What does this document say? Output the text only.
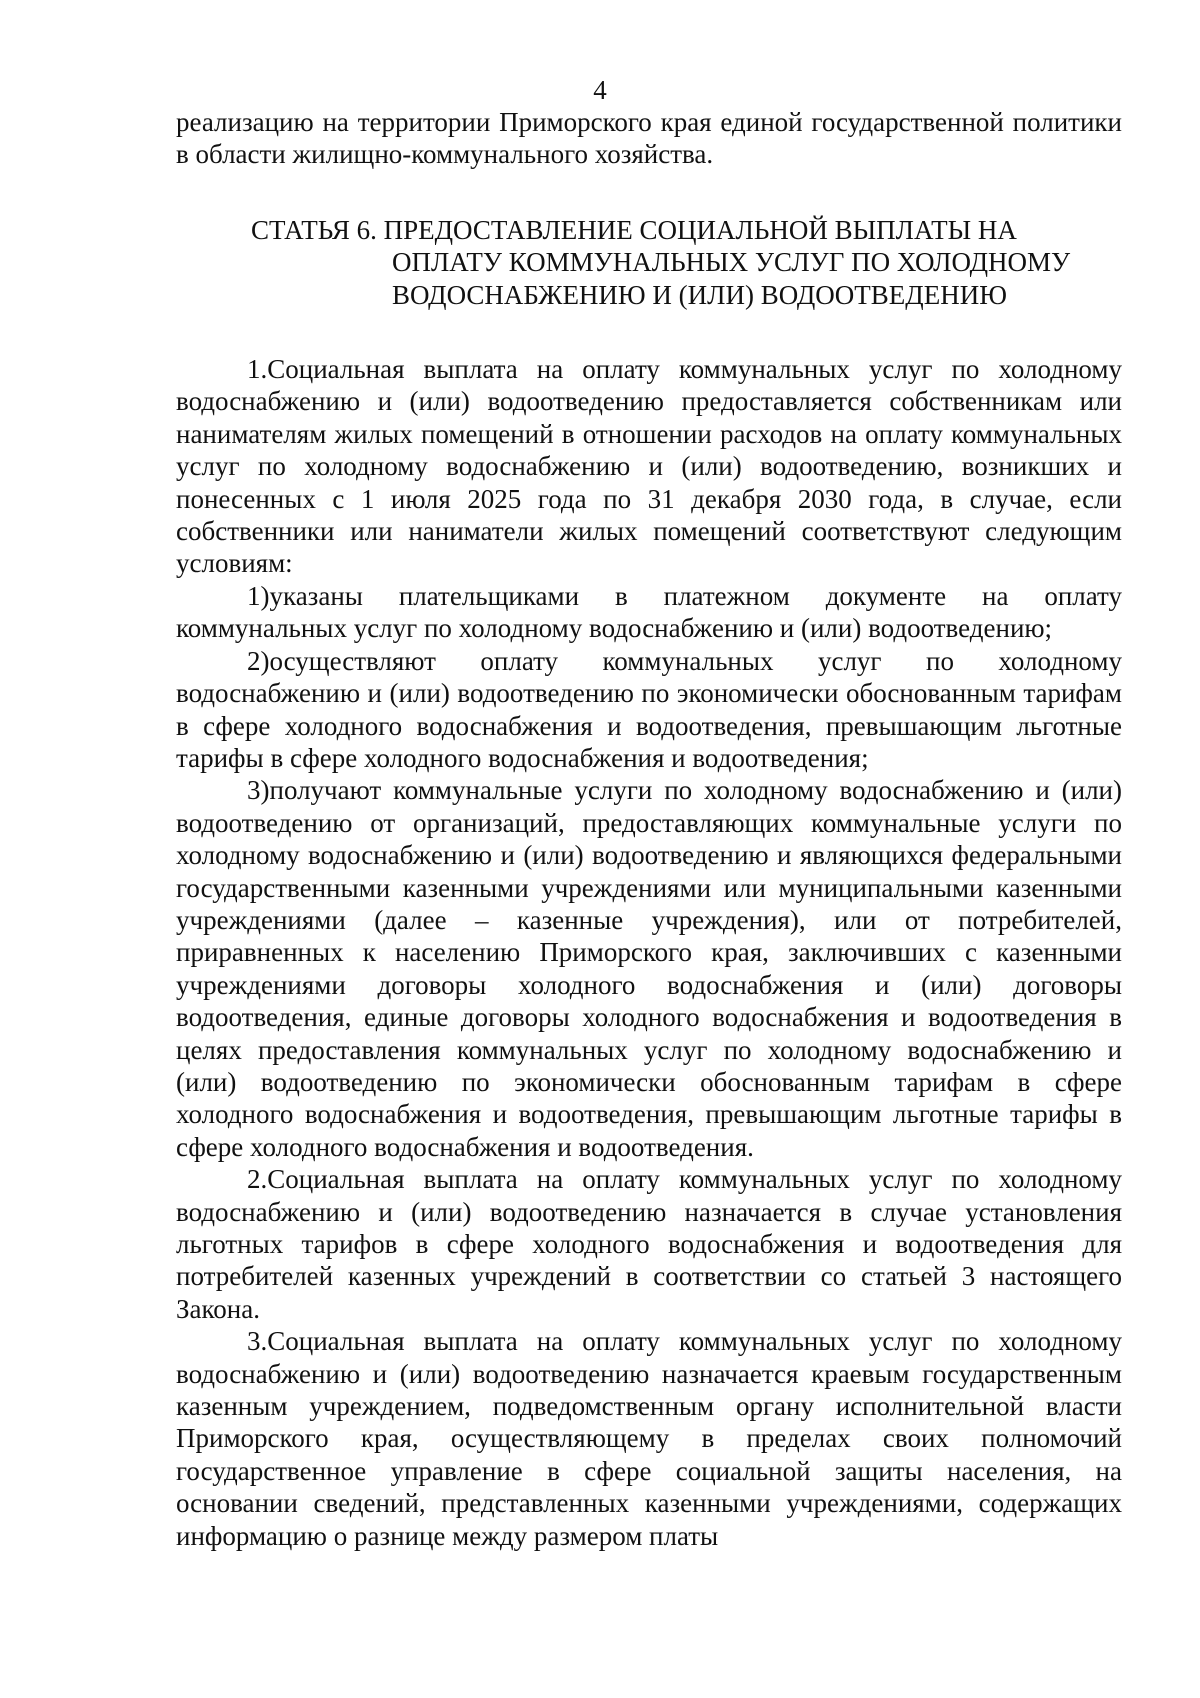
4

реализацию на территории Приморского края единой государственной политики в области жилищно-коммунального хозяйства.

СТАТЬЯ 6. ПРЕДОСТАВЛЕНИЕ СОЦИАЛЬНОЙ ВЫПЛАТЫ НА
ОПЛАТУ КОММУНАЛЬНЫХ УСЛУГ ПО ХОЛОДНОМУ
ВОДОСНАБЖЕНИЮ И (ИЛИ) ВОДООТВЕДЕНИЮ

1.Социальная выплата на оплату коммунальных услуг по холодному водоснабжению и (или) водоотведению предоставляется собственникам или нанимателям жилых помещений в отношении расходов на оплату коммунальных услуг по холодному водоснабжению и (или) водоотведению, возникших и понесенных с 1 июля 2025 года по 31 декабря 2030 года, в случае, если собственники или наниматели жилых помещений соответствуют следующим условиям:

1)указаны плательщиками в платежном документе на оплату коммунальных услуг по холодному водоснабжению и (или) водоотведению;

2)осуществляют оплату коммунальных услуг по холодному водоснабжению и (или) водоотведению по экономически обоснованным тарифам в сфере холодного водоснабжения и водоотведения, превышающим льготные тарифы в сфере холодного водоснабжения и водоотведения;

3)получают коммунальные услуги по холодному водоснабжению и (или) водоотведению от организаций, предоставляющих коммунальные услуги по холодному водоснабжению и (или) водоотведению и являющихся федеральными государственными казенными учреждениями или муниципальными казенными учреждениями (далее – казенные учреждения), или от потребителей, приравненных к населению Приморского края, заключивших с казенными учреждениями договоры холодного водоснабжения и (или) договоры водоотведения, единые договоры холодного водоснабжения и водоотведения в целях предоставления коммунальных услуг по холодному водоснабжению и (или) водоотведению по экономически обоснованным тарифам в сфере холодного водоснабжения и водоотведения, превышающим льготные тарифы в сфере холодного водоснабжения и водоотведения.

2.Социальная выплата на оплату коммунальных услуг по холодному водоснабжению и (или) водоотведению назначается в случае установления льготных тарифов в сфере холодного водоснабжения и водоотведения для потребителей казенных учреждений в соответствии со статьей 3 настоящего Закона.

3.Социальная выплата на оплату коммунальных услуг по холодному водоснабжению и (или) водоотведению назначается краевым государственным казенным учреждением, подведомственным органу исполнительной власти Приморского края, осуществляющему в пределах своих полномочий государственное управление в сфере социальной защиты населения, на основании сведений, представленных казенными учреждениями, содержащих информацию о разнице между размером платы
